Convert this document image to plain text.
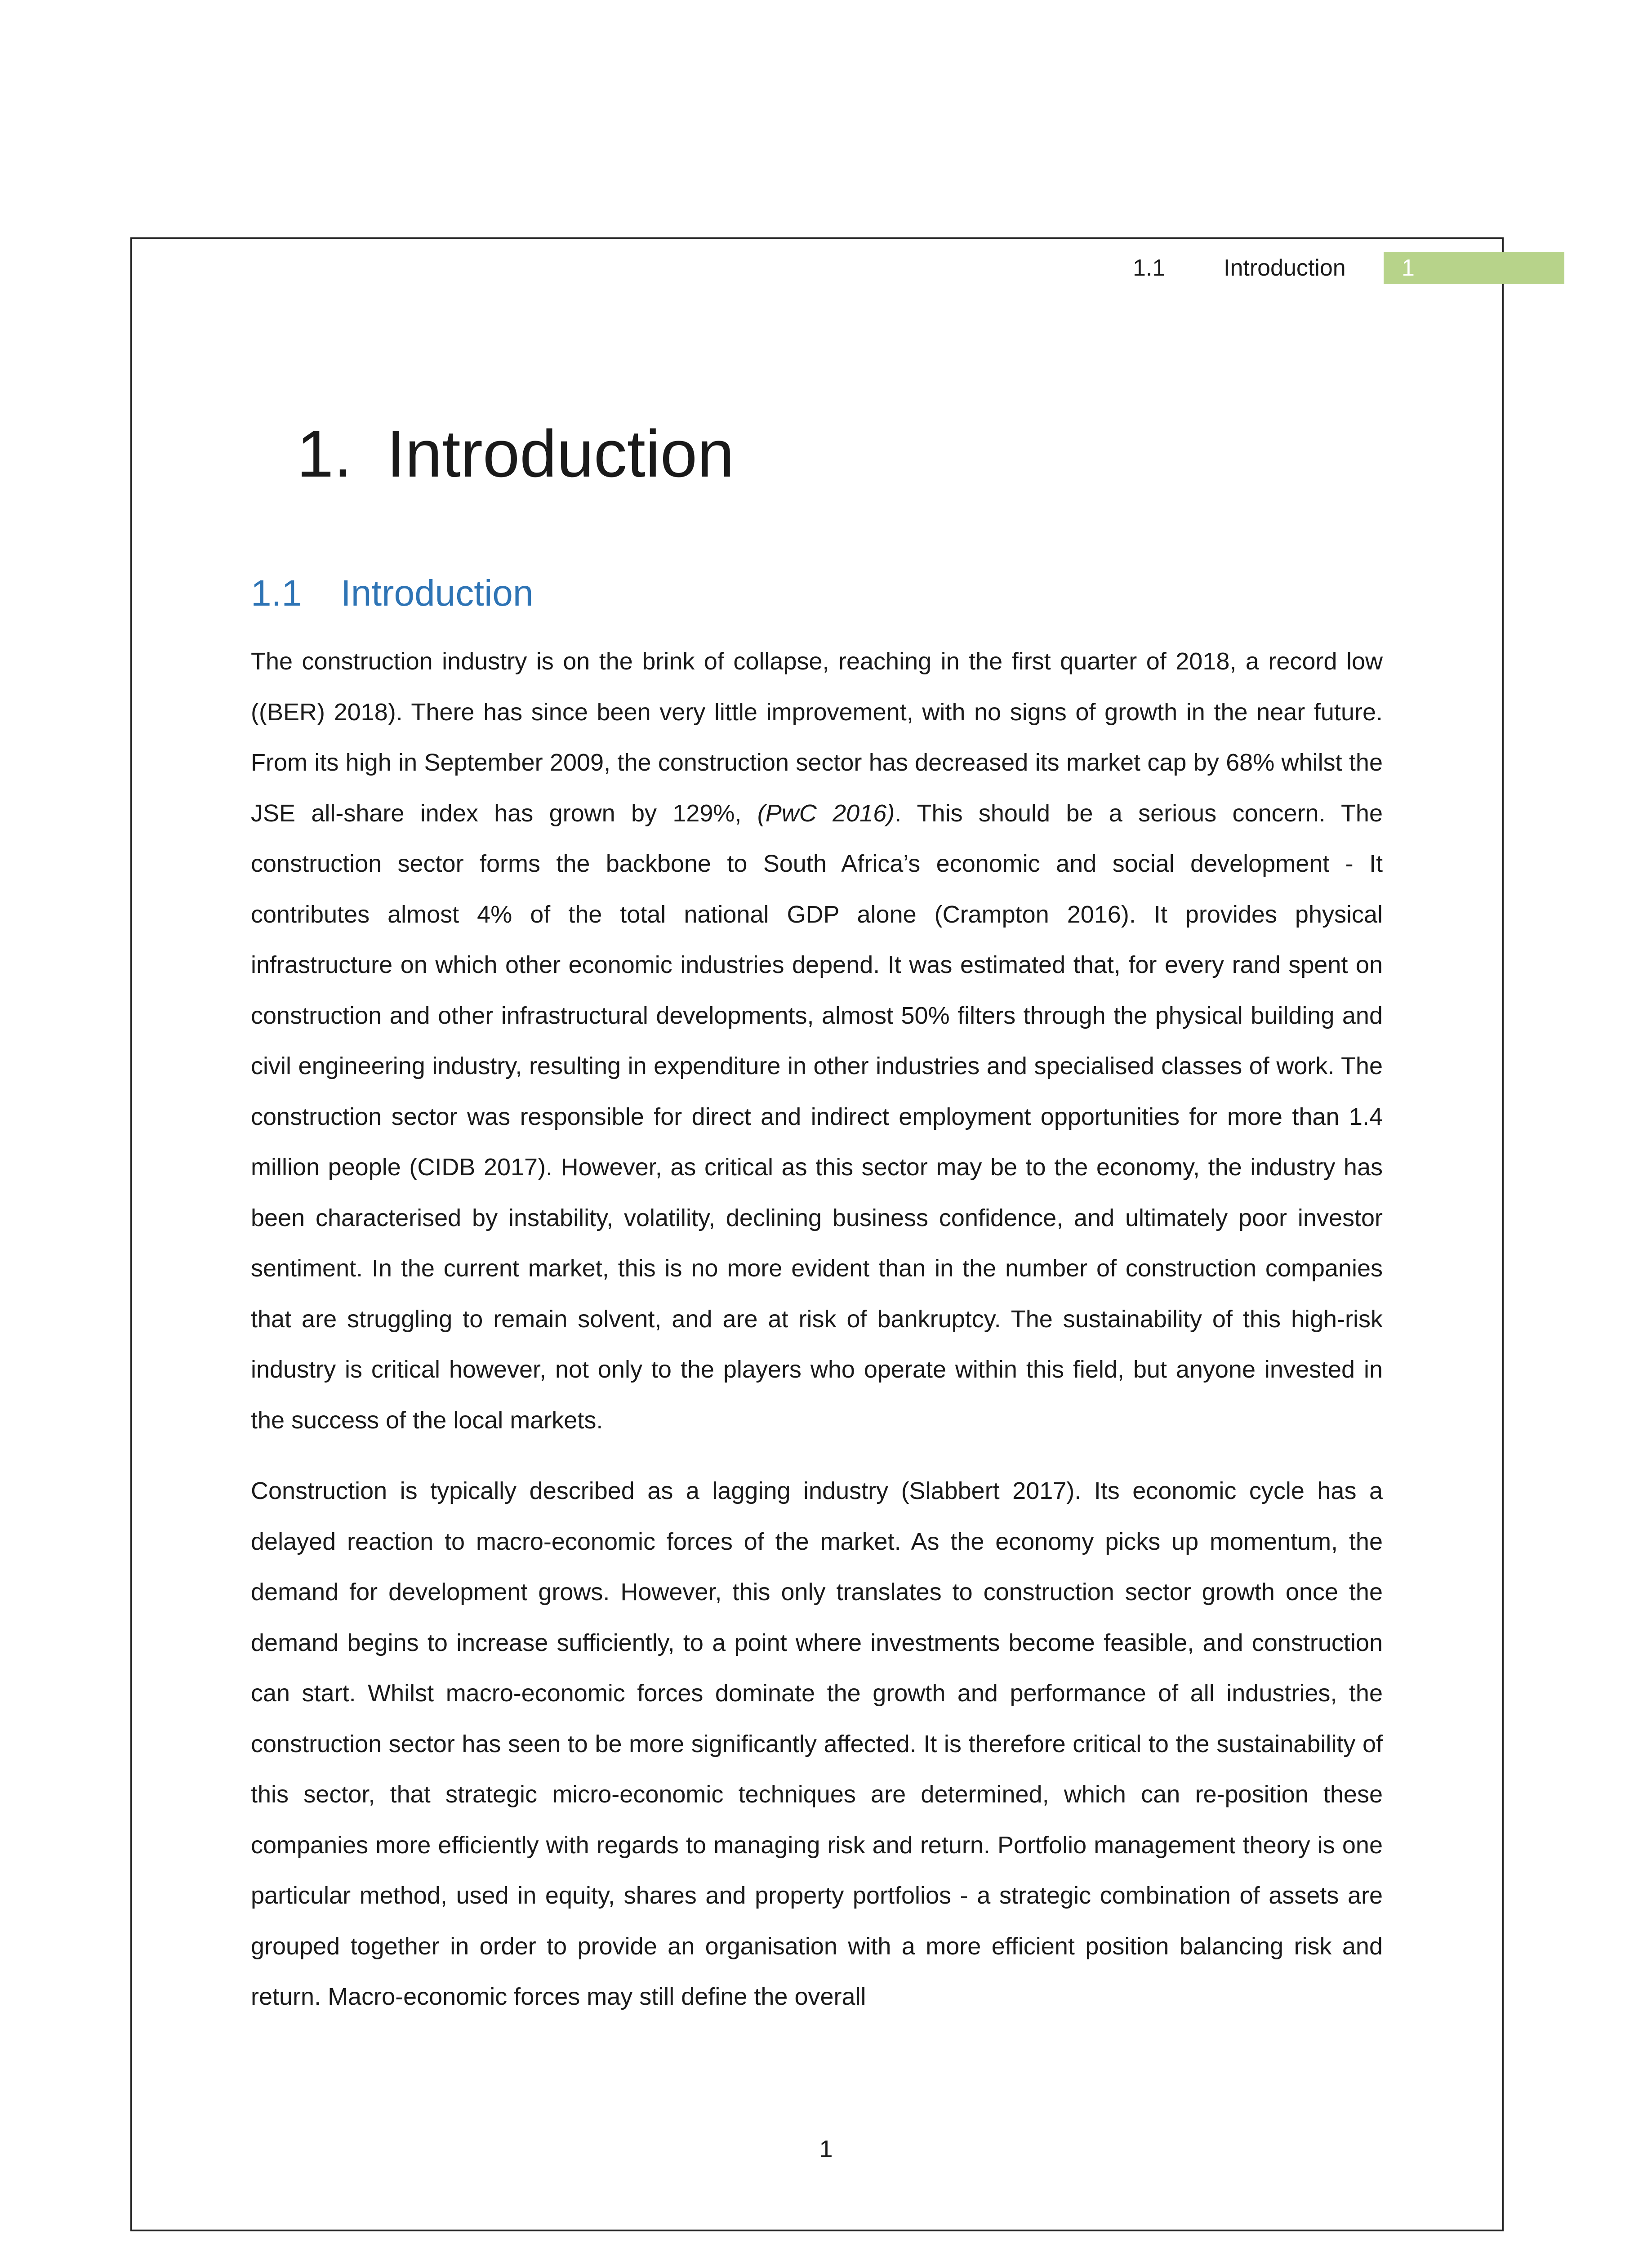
1.1 Introduction	1
1. Introduction
1.1 Introduction

The construction industry is on the brink of collapse, reaching in the first quarter of 2018, a record low ((BER) 2018). There has since been very little improvement, with no signs of growth in the near future. From its high in September 2009, the construction sector has decreased its market cap by 68% whilst the JSE all-share index has grown by 129%, (PwC 2016). This should be a serious concern. The construction sector forms the backbone to South Africa’s economic and social development - It contributes almost 4% of the total national GDP alone (Crampton 2016). It provides physical infrastructure on which other economic industries depend. It was estimated that, for every rand spent on construction and other infrastructural developments, almost 50% filters through the physical building and civil engineering industry, resulting in expenditure in other industries and specialised classes of work. The construction sector was responsible for direct and indirect employment opportunities for more than 1.4 million people (CIDB 2017). However, as critical as this sector may be to the economy, the industry has been characterised by instability, volatility, declining business confidence, and ultimately poor investor sentiment. In the current market, this is no more evident than in the number of construction companies that are struggling to remain solvent, and are at risk of bankruptcy. The sustainability of this high-risk industry is critical however, not only to the players who operate within this field, but anyone invested in the success of the local markets.

Construction is typically described as a lagging industry (Slabbert 2017). Its economic cycle has a delayed reaction to macro-economic forces of the market. As the economy picks up momentum, the demand for development grows. However, this only translates to construction sector growth once the demand begins to increase sufficiently, to a point where investments become feasible, and construction can start. Whilst macro-economic forces dominate the growth and performance of all industries, the construction sector has seen to be more significantly affected. It is therefore critical to the sustainability of this sector, that strategic micro-economic techniques are determined, which can re-position these companies more efficiently with regards to managing risk and return. Portfolio management theory is one particular method, used in equity, shares and property portfolios - a strategic combination of assets are grouped together in order to provide an organisation with a more efficient position balancing risk and return. Macro-economic forces may still define the overall

1
